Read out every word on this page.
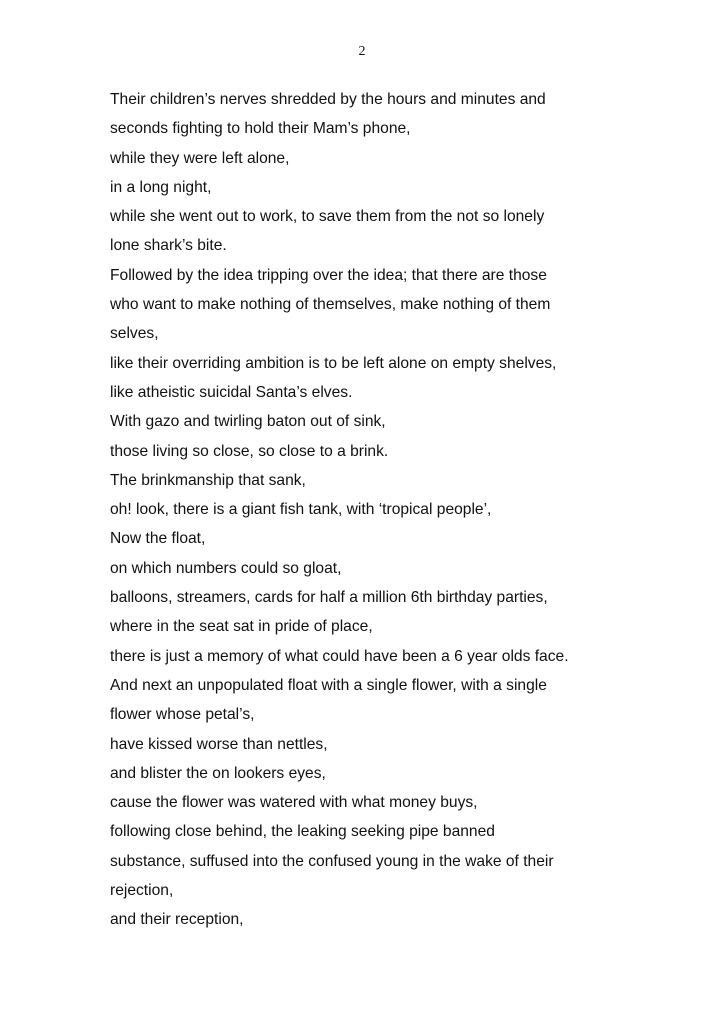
2
Their children’s nerves shredded by the hours and minutes and
seconds fighting to hold their Mam’s phone,
while they were left alone,
in a long night,
while she went out to work, to save them from the not so lonely
lone shark’s bite.
Followed by the idea tripping over the idea; that there are those
who want to make nothing of themselves, make nothing of them
selves,
like their overriding ambition is to be left alone on empty shelves,
like atheistic suicidal Santa’s elves.
With gazo and twirling baton out of sink,
those living so close, so close to a brink.
The brinkmanship that sank,
oh! look, there is a giant fish tank, with ‘tropical people’,
Now the float,
on which numbers could so gloat,
balloons, streamers, cards for half a million 6th birthday parties,
where in the seat sat in pride of place,
there is just a memory of what could have been a 6 year olds face.
And next an unpopulated float with a single flower, with a single
flower whose petal’s,
have kissed worse than nettles,
and blister the on lookers eyes,
cause the flower was watered with what money buys,
following close behind, the leaking seeking pipe banned
substance, suffused into the confused young in the wake of their
rejection,
and their reception,
